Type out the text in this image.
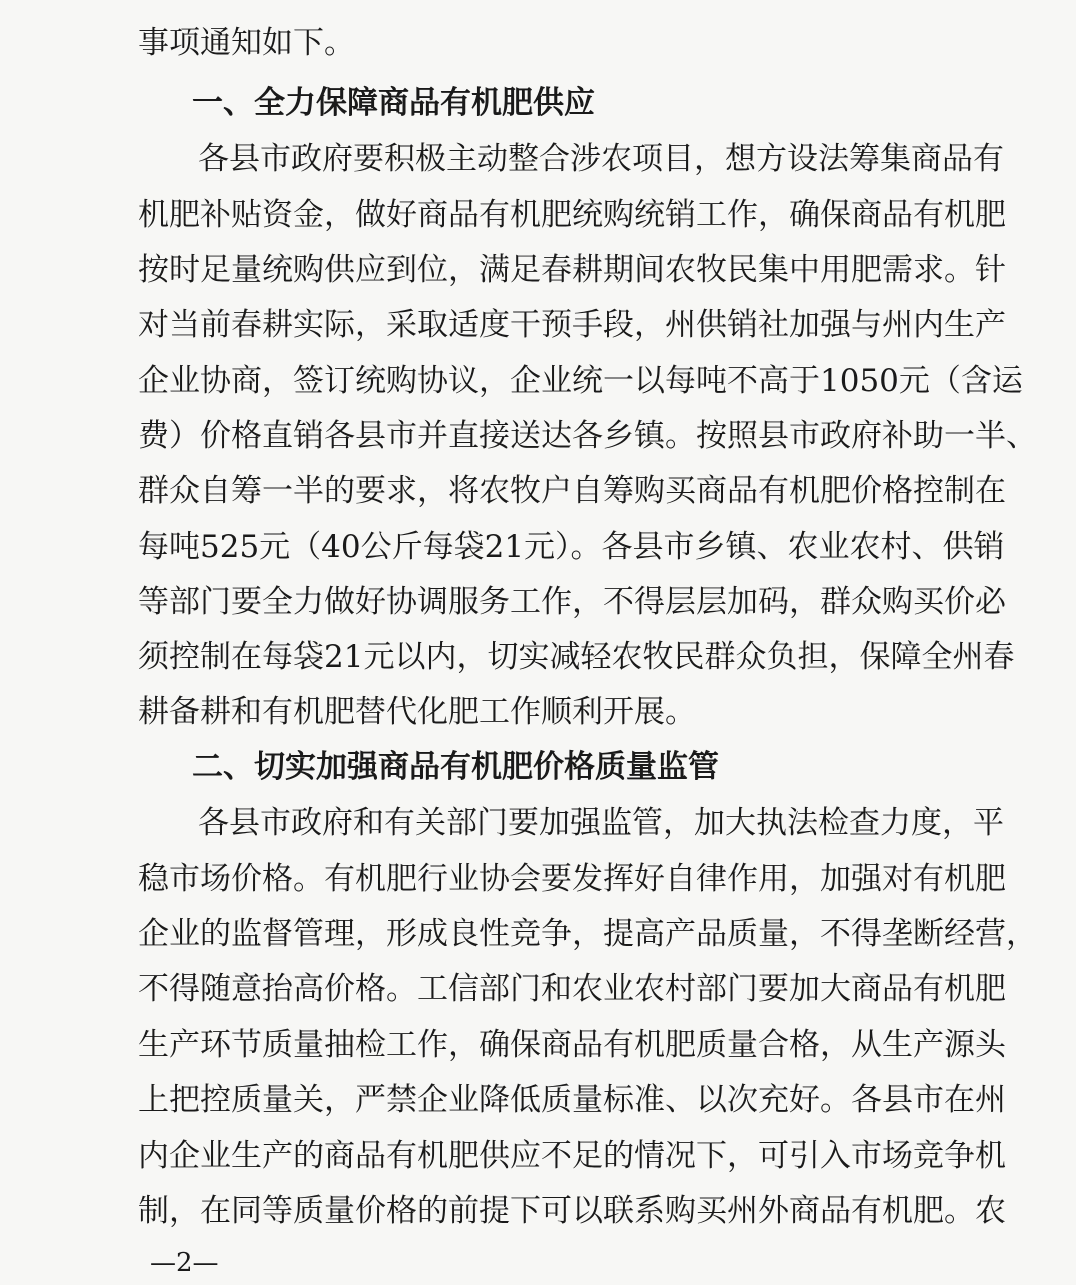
事项通知如下。
一、全力保障商品有机肥供应
各县市政府要积极主动整合涉农项目，想方设法筹集商品有
机肥补贴资金，做好商品有机肥统购统销工作，确保商品有机肥
按时足量统购供应到位，满足春耕期间农牧民集中用肥需求。针
对当前春耕实际，采取适度干预手段，州供销社加强与州内生产
企业协商，签订统购协议，企业统一以每吨不高于1050元（含运
费）价格直销各县市并直接送达各乡镇。按照县市政府补助一半、
群众自筹一半的要求，将农牧户自筹购买商品有机肥价格控制在
每吨525元（40公斤每袋21元）。各县市乡镇、农业农村、供销
等部门要全力做好协调服务工作，不得层层加码，群众购买价必
须控制在每袋21元以内，切实减轻农牧民群众负担，保障全州春
耕备耕和有机肥替代化肥工作顺利开展。
二、切实加强商品有机肥价格质量监管
各县市政府和有关部门要加强监管，加大执法检查力度，平
稳市场价格。有机肥行业协会要发挥好自律作用，加强对有机肥
企业的监督管理，形成良性竞争，提高产品质量，不得垄断经营，
不得随意抬高价格。工信部门和农业农村部门要加大商品有机肥
生产环节质量抽检工作，确保商品有机肥质量合格，从生产源头
上把控质量关，严禁企业降低质量标准、以次充好。各县市在州
内企业生产的商品有机肥供应不足的情况下，可引入市场竞争机
制，在同等质量价格的前提下可以联系购买州外商品有机肥。农
—2—
